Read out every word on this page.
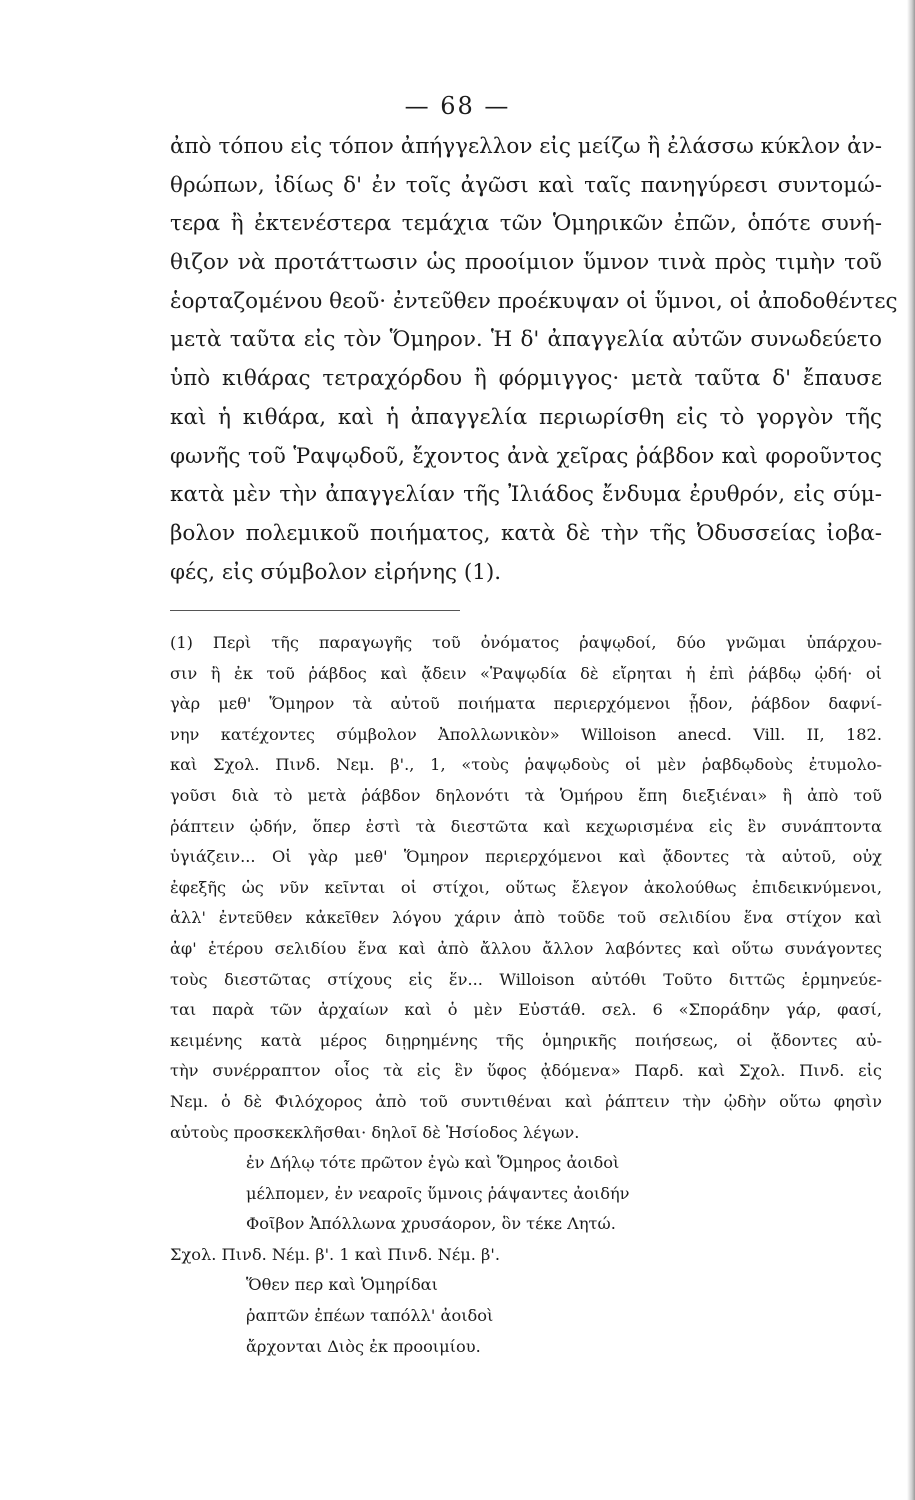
— 68 —
ἀπὸ τόπου εἰς τόπον ἀπήγγελλον εἰς μείζω ἢ ἐλάσσω κύκλον ἀν-
θρώπων, ἰδίως δ' ἐν τοῖς ἀγῶσι καὶ ταῖς πανηγύρεσι συντομώ-
τερα ἢ ἐκτενέστερα τεμάχια τῶν Ὁμηρικῶν ἐπῶν, ὁπότε συνή-
θιζον νὰ προτάττωσιν ὡς προοίμιον ὕμνον τινὰ πρὸς τιμὴν τοῦ
ἑορταζομένου θεοῦ· ἐντεῦθεν προέκυψαν οἱ ὕμνοι, οἱ ἀποδοθέντες
μετὰ ταῦτα εἰς τὸν Ὅμηρον. Ἡ δ' ἀπαγγελία αὐτῶν συνωδεύετο
ὑπὸ κιθάρας τετραχόρδου ἢ φόρμιγγος· μετὰ ταῦτα δ' ἔπαυσε
καὶ ἡ κιθάρα, καὶ ἡ ἀπαγγελία περιωρίσθη εἰς τὸ γοργὸν τῆς
φωνῆς τοῦ Ῥαψῳδοῦ, ἔχοντος ἀνὰ χεῖρας ῥάβδον καὶ φοροῦντος
κατὰ μὲν τὴν ἀπαγγελίαν τῆς Ἰλιάδος ἔνδυμα ἐρυθρόν, εἰς σύμ-
βολον πολεμικοῦ ποιήματος, κατὰ δὲ τὴν τῆς Ὀδυσσείας ἰοβα-
φές, εἰς σύμβολον εἰρήνης (1).
(1) Περὶ τῆς παραγωγῆς τοῦ ὀνόματος ῥαψῳδοί, δύο γνῶμαι ὑπάρχου-
σιν ἢ ἐκ τοῦ ῥάβδος καὶ ᾄδειν «Ῥαψῳδία δὲ εἴρηται ἡ ἐπὶ ῥάβδῳ ᾠδή· οἱ
γὰρ μεθ' Ὅμηρον τὰ αὐτοῦ ποιήματα περιερχόμενοι ᾖδον, ῥάβδον δαφνί-
νην κατέχοντες σύμβολον Ἀπολλωνικὸν» Willoison anecd. Vill. II, 182.
καὶ Σχολ. Πινδ. Νεμ. β'., 1, «τοὺς ῥαψῳδοὺς οἱ μὲν ῥαβδῳδοὺς ἐτυμολο-
γοῦσι διὰ τὸ μετὰ ῥάβδον δηλονότι τὰ Ὁμήρου ἔπη διεξιέναι» ἢ ἀπὸ τοῦ
ῥάπτειν ᾠδήν, ὅπερ ἐστὶ τὰ διεστῶτα καὶ κεχωρισμένα εἰς ἓν συνάπτοντα
ὑγιάζειν... Οἱ γὰρ μεθ' Ὅμηρον περιερχόμενοι καὶ ᾄδοντες τὰ αὐτοῦ, οὐχ
ἐφεξῆς ὡς νῦν κεῖνται οἱ στίχοι, οὕτως ἔλεγον ἀκολούθως ἐπιδεικνύμενοι,
ἀλλ' ἐντεῦθεν κἀκεῖθεν λόγου χάριν ἀπὸ τοῦδε τοῦ σελιδίου ἕνα στίχον καὶ
ἀφ' ἑτέρου σελιδίου ἕνα καὶ ἀπὸ ἄλλου ἄλλον λαβόντες καὶ οὕτω συνάγοντες
τοὺς διεστῶτας στίχους εἰς ἕν... Willoison αὐτόθι Τοῦτο διττῶς ἑρμηνεύε-
ται παρὰ τῶν ἀρχαίων καὶ ὁ μὲν Εὐστάθ. σελ. 6 «Σποράδην γάρ, φασί,
κειμένης κατὰ μέρος διῃρημένης τῆς ὁμηρικῆς ποιήσεως, οἱ ᾄδοντες αὐ-
τὴν συνέρραπτον οἷος τὰ εἰς ἓν ὕφος ᾀδόμενα» Παρδ. καὶ Σχολ. Πινδ. εἰς
Νεμ. ὁ δὲ Φιλόχορος ἀπὸ τοῦ συντιθέναι καὶ ῥάπτειν τὴν ᾠδὴν οὕτω φησὶν
αὐτοὺς προσκεκλῆσθαι· δηλοῖ δὲ Ἡσίοδος λέγων.
ἐν Δήλῳ τότε πρῶτον ἐγὼ καὶ Ὅμηρος ἀοιδοὶ
μέλπομεν, ἐν νεαροῖς ὕμνοις ῥάψαντες ἀοιδήν
Φοῖβον Ἀπόλλωνα χρυσάορον, ὃν τέκε Λητώ.
Σχολ. Πινδ. Νέμ. β'. 1 καὶ Πινδ. Νέμ. β'.
Ὅθεν περ καὶ Ὁμηρίδαι
ῥαπτῶν ἐπέων ταπόλλ' ἀοιδοὶ
ἄρχονται Διὸς ἐκ προοιμίου.
